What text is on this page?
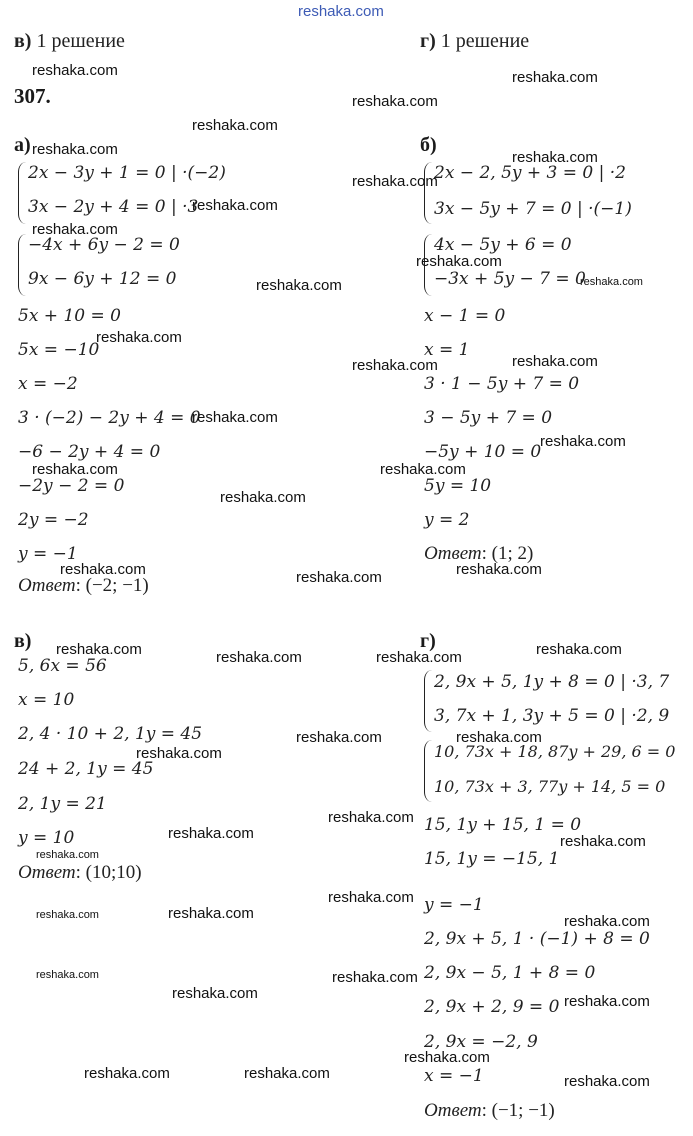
reshaka.com
в) 1 решение	г) 1 решение
307.
а)
2x − 3y + 1 = 0 | ·(−2)
3x − 2y + 4 = 0 | ·3
−4x + 6y − 2 = 0
9x − 6y + 12 = 0
5x + 10 = 0
5x = −10
x = −2
3 · (−2) − 2y + 4 = 0
−6 − 2y + 4 = 0
−2y − 2 = 0
2y = −2
y = −1
Ответ: (−2; −1)
б)
2x − 2, 5y + 3 = 0 | ·2
3x − 5y + 7 = 0 | ·(−1)
4x − 5y + 6 = 0
−3x + 5y − 7 = 0
x − 1 = 0
x = 1
3 · 1 − 5y + 7 = 0
3 − 5y + 7 = 0
−5y + 10 = 0
5y = 10
y = 2
Ответ: (1; 2)
в)
5, 6x = 56
x = 10
2, 4 · 10 + 2, 1y = 45
24 + 2, 1y = 45
2, 1y = 21
y = 10
Ответ: (10;10)
г)
2, 9x + 5, 1y + 8 = 0 | ·3, 7
3, 7x + 1, 3y + 5 = 0 | ·2, 9
10, 73x + 18, 87y + 29, 6 = 0
10, 73x + 3, 77y + 14, 5 = 0
15, 1y + 15, 1 = 0
15, 1y = −15, 1
y = −1
2, 9x + 5, 1 · (−1) + 8 = 0
2, 9x − 5, 1 + 8 = 0
2, 9x + 2, 9 = 0
2, 9x = −2, 9
x = −1
Ответ: (−1; −1)
reshaka.com	reshaka.com
reshaka.com
reshaka.com
reshaka.com	reshaka.com
reshaka.com
reshaka.com
reshaka.com
reshaka.com
reshaka.com
reshaka.com
reshaka.com
reshaka.com
reshaka.com
reshaka.com
reshaka.com
reshaka.com	reshaka.com
reshaka.com
reshaka.com
reshaka.com	reshaka.com
reshaka.com	reshaka.com
reshaka.com	reshaka.com
reshaka.com	reshaka.com
reshaka.com
reshaka.com
reshaka.com	reshaka.com
reshaka.com
reshaka.com
reshaka.com
reshaka.com	reshaka.com
reshaka.com	reshaka.com
reshaka.com	reshaka.com
reshaka.com
reshaka.com	reshaka.com	reshaka.com
